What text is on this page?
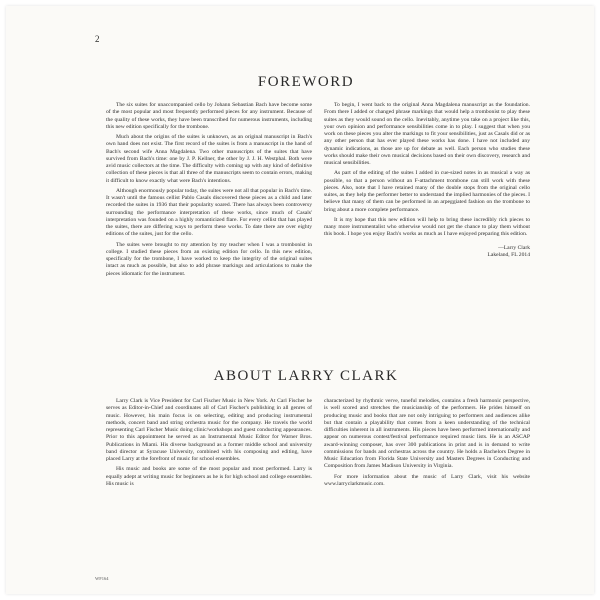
2
FOREWORD

The six suites for unaccompanied cello by Johann Sebastian Bach have become some of the most popular and most frequently performed pieces for any instrument. Because of the quality of these works, they have been transcribed for numerous instruments, including this new edition specifically for the trombone.

Much about the origins of the suites is unknown, as an original manuscript in Bach's own hand does not exist. The first record of the suites is from a manuscript in the hand of Bach's second wife Anna Magdalena. Two other manuscripts of the suites that have survived from Bach's time: one by J. P. Kellner, the other by J. J. H. Westphal. Both were avid music collectors at the time. The difficulty with coming up with any kind of definitive collection of these pieces is that all three of the manuscripts seem to contain errors, making it difficult to know exactly what were Bach's intentions.

Although enormously popular today, the suites were not all that popular in Bach's time. It wasn't until the famous cellist Pablo Casals discovered these pieces as a child and later recorded the suites in 1936 that their popularity soared. There has always been controversy surrounding the performance interpretation of these works, since much of Casals' interpretation was founded on a highly romanticized flare. For every cellist that has played the suites, there are differing ways to perform these works. To date there are over eighty editions of the suites, just for the cello.

The suites were brought to my attention by my teacher when I was a trombonist in college. I studied these pieces from an existing edition for cello. In this new edition, specifically for the trombone, I have worked to keep the integrity of the original suites intact as much as possible, but also to add phrase markings and articulations to make the pieces idiomatic for the instrument.

To begin, I went back to the original Anna Magdalena manuscript as the foundation. From there I added or changed phrase markings that would help a trombonist to play these suites as they would sound on the cello. Inevitably, anytime you take on a project like this, your own opinion and performance sensibilities come in to play. I suggest that when you work on these pieces you alter the markings to fit your sensibilities, just as Casals did or as any other person that has ever played these works has done. I have not included any dynamic indications, as those are up for debate as well. Each person who studies these works should make their own musical decisions based on their own discovery, research and musical sensibilities.

As part of the editing of the suites I added in cue-sized notes in as musical a way as possible, so that a person without an F-attachment trombone can still work with these pieces. Also, note that I have retained many of the double stops from the original cello suites, as they help the performer better to understand the implied harmonies of the pieces. I believe that many of them can be performed in an arpeggiated fashion on the trombone to bring about a more complete performance.

It is my hope that this new edition will help to bring these incredibly rich pieces to many more instrumentalist who otherwise would not get the chance to play them without this book. I hope you enjoy Bach's works as much as I have enjoyed preparing this edition.

—Larry Clark
Lakeland, FL 2014
ABOUT LARRY CLARK

Larry Clark is Vice President for Carl Fischer Music in New York. At Carl Fischer he serves as Editor-in-Chief and coordinates all of Carl Fischer's publishing in all genres of music. However, his main focus is on selecting, editing and producing instrumental methods, concert band and string orchestra music for the company. He travels the world representing Carl Fischer Music doing clinic/workshops and guest conducting appearances. Prior to this appointment he served as an Instrumental Music Editor for Warner Bros. Publications in Miami. His diverse background as a former middle school and university band director at Syracuse University, combined with his composing and editing, have placed Larry at the forefront of music for school ensembles.

His music and books are some of the most popular and most performed. Larry is equally adept at writing music for beginners as he is for high school and college ensembles. His music is

characterized by rhythmic verve, tuneful melodies, contains a fresh harmonic perspective, is well scored and stretches the musicianship of the performers. He prides himself on producing music and books that are not only intriguing to performers and audiences alike but that contain a playability that comes from a keen understanding of the technical difficulties inherent in all instruments. His pieces have been performed internationally and appear on numerous contest/festival performance required music lists. He is an ASCAP award-winning composer, has over 300 publications in print and is in demand to write commissions for bands and orchestras across the country. He holds a Bachelors Degree in Music Education from Florida State University and Masters Degrees in Conducting and Composition from James Madison University in Virginia.

For more information about the music of Larry Clark, visit his website www.larryclarkmusic.com.

WF164
